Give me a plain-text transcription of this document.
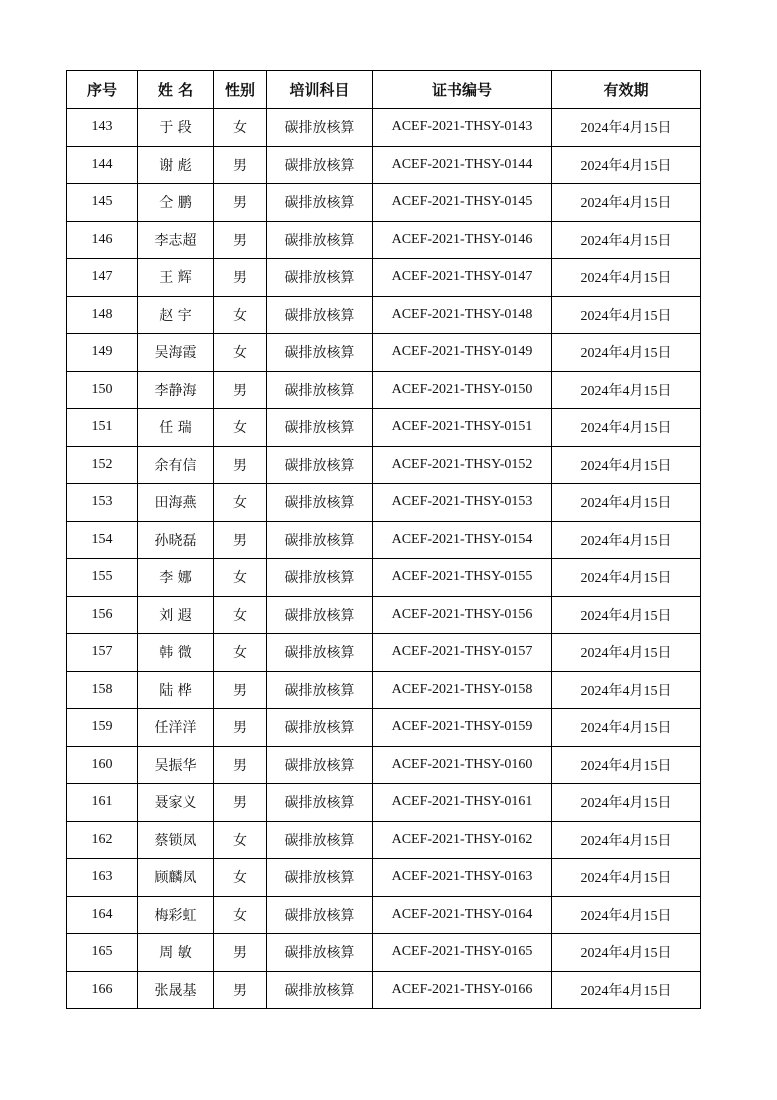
序号	姓 名	性别	培训科目	证书编号	有效期
143	于 段	女	碳排放核算	ACEF-2021-THSY-0143	2024年4月15日
144	谢 彪	男	碳排放核算	ACEF-2021-THSY-0144	2024年4月15日
145	仝 鹏	男	碳排放核算	ACEF-2021-THSY-0145	2024年4月15日
146	李志超	男	碳排放核算	ACEF-2021-THSY-0146	2024年4月15日
147	王 辉	男	碳排放核算	ACEF-2021-THSY-0147	2024年4月15日
148	赵 宇	女	碳排放核算	ACEF-2021-THSY-0148	2024年4月15日
149	吴海霞	女	碳排放核算	ACEF-2021-THSY-0149	2024年4月15日
150	李静海	男	碳排放核算	ACEF-2021-THSY-0150	2024年4月15日
151	任 瑞	女	碳排放核算	ACEF-2021-THSY-0151	2024年4月15日
152	余有信	男	碳排放核算	ACEF-2021-THSY-0152	2024年4月15日
153	田海燕	女	碳排放核算	ACEF-2021-THSY-0153	2024年4月15日
154	孙晓磊	男	碳排放核算	ACEF-2021-THSY-0154	2024年4月15日
155	李 娜	女	碳排放核算	ACEF-2021-THSY-0155	2024年4月15日
156	刘 遐	女	碳排放核算	ACEF-2021-THSY-0156	2024年4月15日
157	韩 微	女	碳排放核算	ACEF-2021-THSY-0157	2024年4月15日
158	陆 桦	男	碳排放核算	ACEF-2021-THSY-0158	2024年4月15日
159	任洋洋	男	碳排放核算	ACEF-2021-THSY-0159	2024年4月15日
160	吴振华	男	碳排放核算	ACEF-2021-THSY-0160	2024年4月15日
161	聂家义	男	碳排放核算	ACEF-2021-THSY-0161	2024年4月15日
162	蔡锁凤	女	碳排放核算	ACEF-2021-THSY-0162	2024年4月15日
163	顾麟凤	女	碳排放核算	ACEF-2021-THSY-0163	2024年4月15日
164	梅彩虹	女	碳排放核算	ACEF-2021-THSY-0164	2024年4月15日
165	周 敏	男	碳排放核算	ACEF-2021-THSY-0165	2024年4月15日
166	张晟基	男	碳排放核算	ACEF-2021-THSY-0166	2024年4月15日
